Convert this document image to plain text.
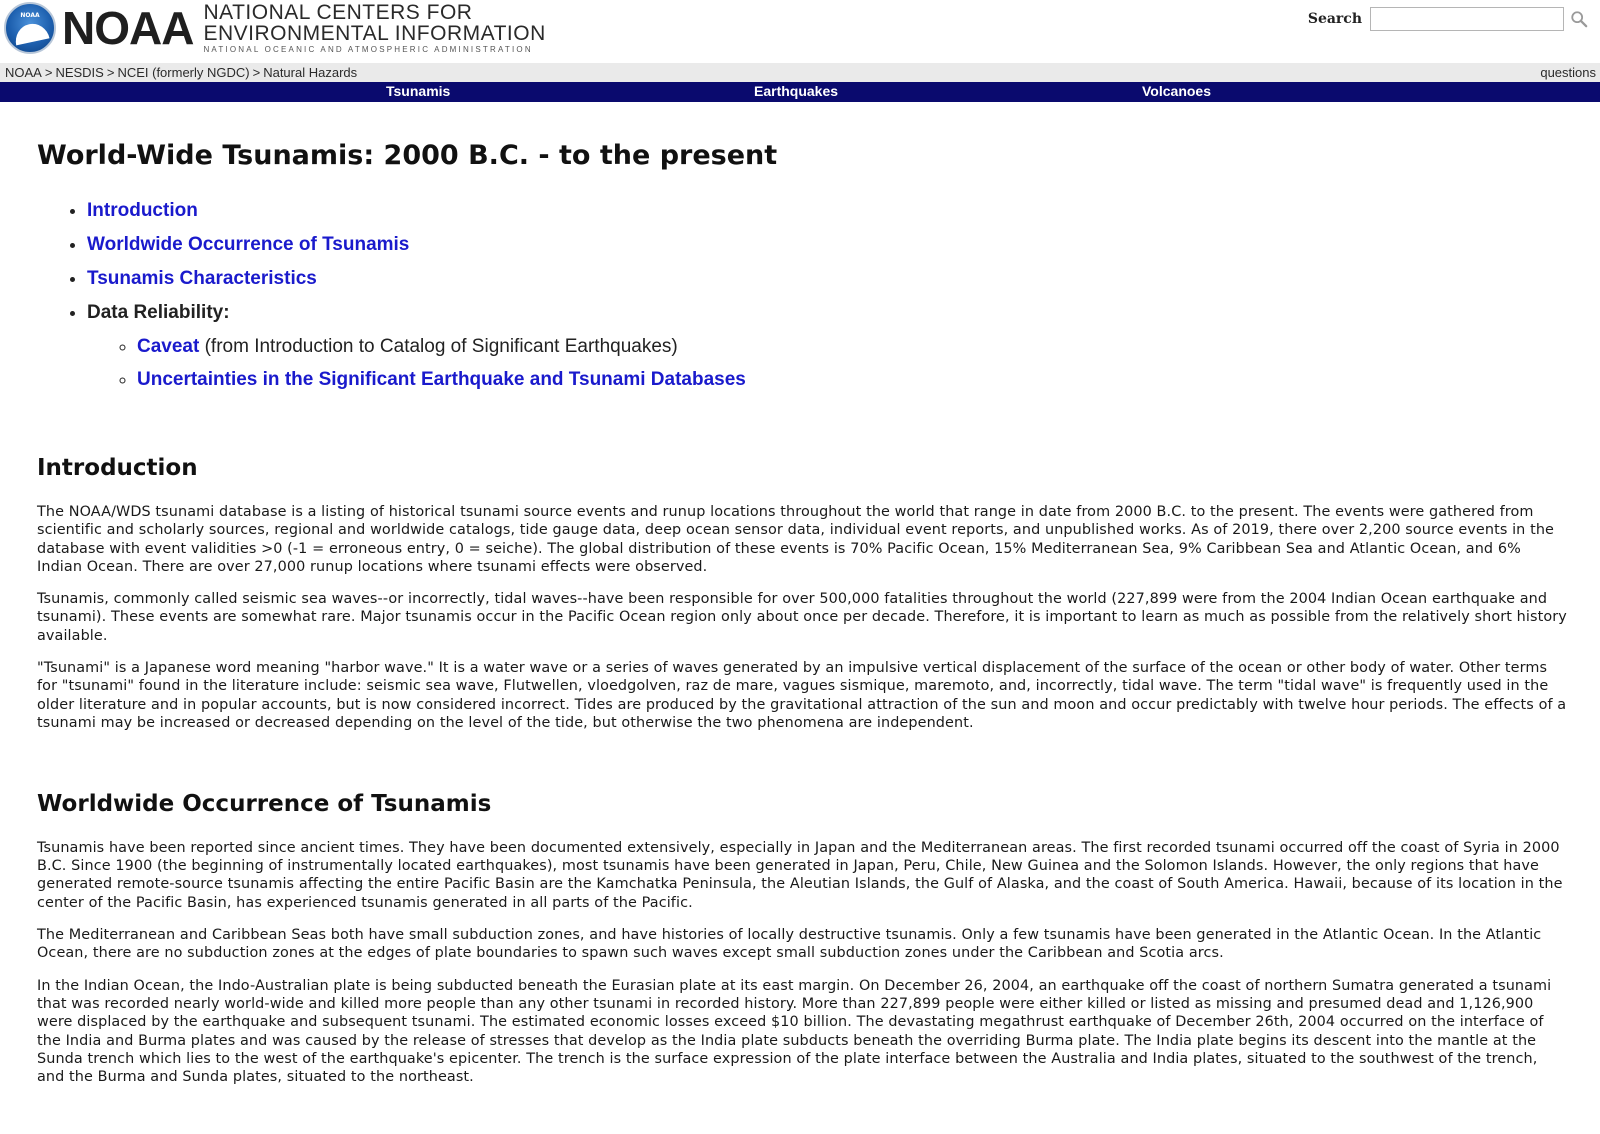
NOAA NOAA NATIONAL CENTERS FOR
ENVIRONMENTAL INFORMATION
NATIONAL OCEANIC AND ATMOSPHERIC ADMINISTRATION
Search
NOAA > NESDIS > NCEI (formerly NGDC) > Natural Hazards	questions
Tsunamis	Earthquakes	Volcanoes
World-Wide Tsunamis: 2000 B.C. - to the present
• Introduction
• Worldwide Occurrence of Tsunamis
• Tsunamis Characteristics
• Data Reliability:
◦ Caveat (from Introduction to Catalog of Significant Earthquakes)
◦ Uncertainties in the Significant Earthquake and Tsunami Databases
Introduction

The NOAA/WDS tsunami database is a listing of historical tsunami source events and runup locations throughout the world that range in date from 2000 B.C. to the present. The events were gathered from scientific and scholarly sources, regional and worldwide catalogs, tide gauge data, deep ocean sensor data, individual event reports, and unpublished works. As of 2019, there over 2,200 source events in the database with event validities >0 (-1 = erroneous entry, 0 = seiche). The global distribution of these events is 70% Pacific Ocean, 15% Mediterranean Sea, 9% Caribbean Sea and Atlantic Ocean, and 6% Indian Ocean. There are over 27,000 runup locations where tsunami effects were observed.

Tsunamis, commonly called seismic sea waves--or incorrectly, tidal waves--have been responsible for over 500,000 fatalities throughout the world (227,899 were from the 2004 Indian Ocean earthquake and tsunami). These events are somewhat rare. Major tsunamis occur in the Pacific Ocean region only about once per decade. Therefore, it is important to learn as much as possible from the relatively short history available.

"Tsunami" is a Japanese word meaning "harbor wave." It is a water wave or a series of waves generated by an impulsive vertical displacement of the surface of the ocean or other body of water. Other terms for "tsunami" found in the literature include: seismic sea wave, Flutwellen, vloedgolven, raz de mare, vagues sismique, maremoto, and, incorrectly, tidal wave. The term "tidal wave" is frequently used in the older literature and in popular accounts, but is now considered incorrect. Tides are produced by the gravitational attraction of the sun and moon and occur predictably with twelve hour periods. The effects of a tsunami may be increased or decreased depending on the level of the tide, but otherwise the two phenomena are independent.

Worldwide Occurrence of Tsunamis

Tsunamis have been reported since ancient times. They have been documented extensively, especially in Japan and the Mediterranean areas. The first recorded tsunami occurred off the coast of Syria in 2000 B.C. Since 1900 (the beginning of instrumentally located earthquakes), most tsunamis have been generated in Japan, Peru, Chile, New Guinea and the Solomon Islands. However, the only regions that have generated remote-source tsunamis affecting the entire Pacific Basin are the Kamchatka Peninsula, the Aleutian Islands, the Gulf of Alaska, and the coast of South America. Hawaii, because of its location in the center of the Pacific Basin, has experienced tsunamis generated in all parts of the Pacific.

The Mediterranean and Caribbean Seas both have small subduction zones, and have histories of locally destructive tsunamis. Only a few tsunamis have been generated in the Atlantic Ocean. In the Atlantic Ocean, there are no subduction zones at the edges of plate boundaries to spawn such waves except small subduction zones under the Caribbean and Scotia arcs.

In the Indian Ocean, the Indo-Australian plate is being subducted beneath the Eurasian plate at its east margin. On December 26, 2004, an earthquake off the coast of northern Sumatra generated a tsunami that was recorded nearly world-wide and killed more people than any other tsunami in recorded history. More than 227,899 people were either killed or listed as missing and presumed dead and 1,126,900 were displaced by the earthquake and subsequent tsunami. The estimated economic losses exceed $10 billion. The devastating megathrust earthquake of December 26th, 2004 occurred on the interface of the India and Burma plates and was caused by the release of stresses that develop as the India plate subducts beneath the overriding Burma plate. The India plate begins its descent into the mantle at the Sunda trench which lies to the west of the earthquake's epicenter. The trench is the surface expression of the plate interface between the Australia and India plates, situated to the southwest of the trench, and the Burma and Sunda plates, situated to the northeast.
